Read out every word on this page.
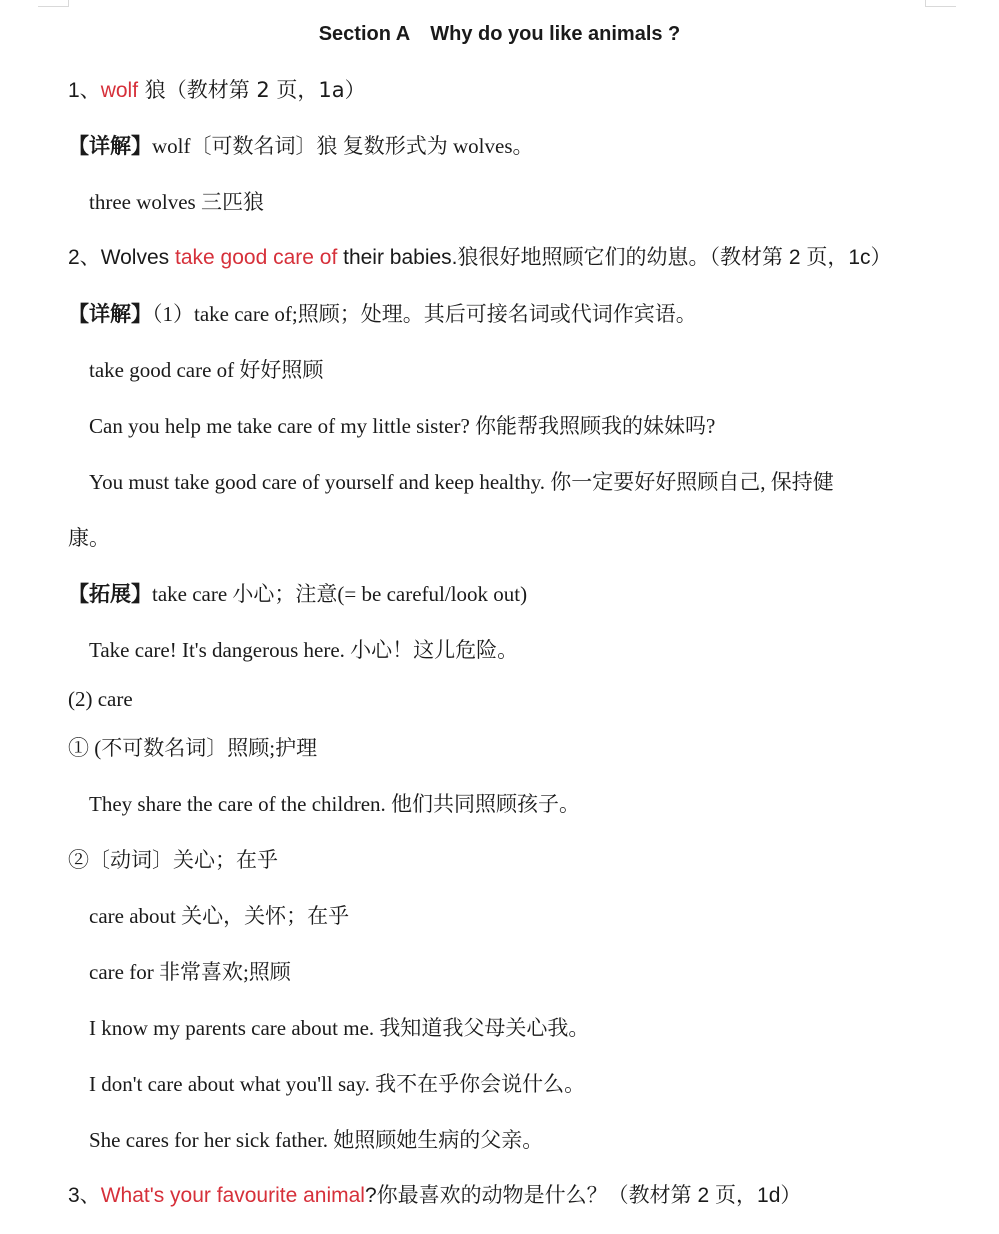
Section A Why do you like animals ?
1、wolf 狼（教材第 2 页，1a）
【详解】wolf〔可数名词〕狼 复数形式为 wolves。
three wolves 三匹狼
2、Wolves take good care of their babies.狼很好地照顾它们的幼崽。（教材第 2 页，1c）
【详解】（1）take care of;照顾；处理。其后可接名词或代词作宾语。
take good care of 好好照顾
Can you help me take care of my little sister? 你能帮我照顾我的妹妹吗?
You must take good care of yourself and keep healthy. 你一定要好好照顾自己, 保持健
康。
【拓展】take care 小心；注意(= be careful/look out)
Take care! It's dangerous here. 小心！这儿危险。
(2) care
① (不可数名词〕照顾;护理
They share the care of the children. 他们共同照顾孩子。
②〔动词〕关心；在乎
care about 关心，关怀；在乎
care for 非常喜欢;照顾
I know my parents care about me. 我知道我父母关心我。
I don't care about what you'll say. 我不在乎你会说什么。
She cares for her sick father. 她照顾她生病的父亲。
3、What's your favourite animal?你最喜欢的动物是什么？（教材第 2 页，1d）
